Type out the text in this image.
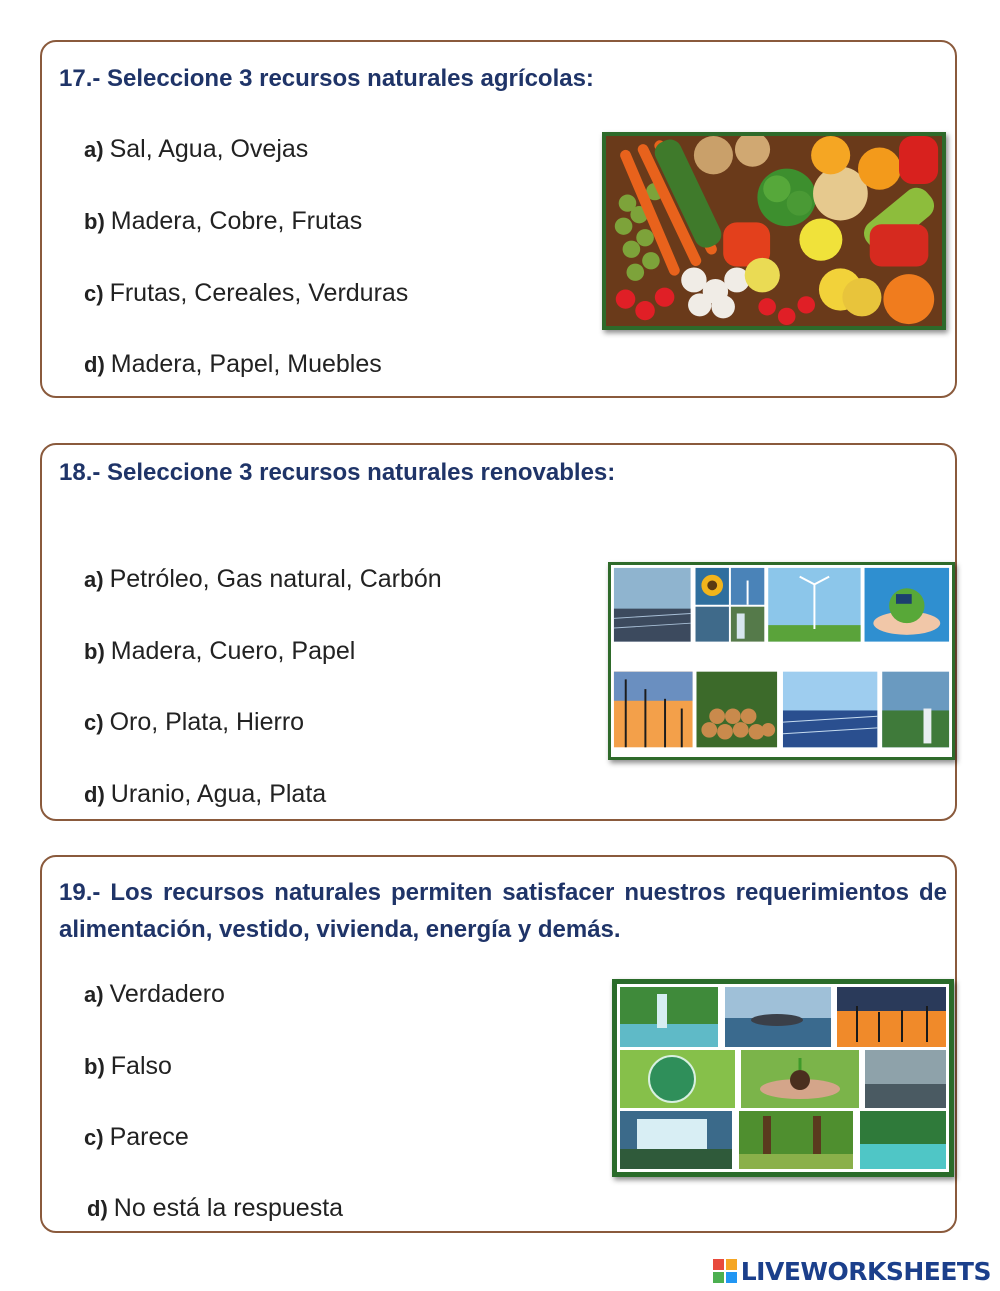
17.- Seleccione 3 recursos naturales agrícolas:
a) Sal, Agua, Ovejas
b) Madera, Cobre, Frutas
c) Frutas, Cereales, Verduras
d) Madera, Papel, Muebles
18.- Seleccione 3 recursos naturales renovables:
a) Petróleo, Gas natural, Carbón
b) Madera, Cuero, Papel
c) Oro, Plata, Hierro
d) Uranio, Agua, Plata
19.- Los recursos naturales permiten satisfacer nuestros requerimientos de alimentación, vestido, vivienda, energía y demás.
a) Verdadero
b) Falso
c) Parece
d) No está la respuesta
LIVEWORKSHEETS
